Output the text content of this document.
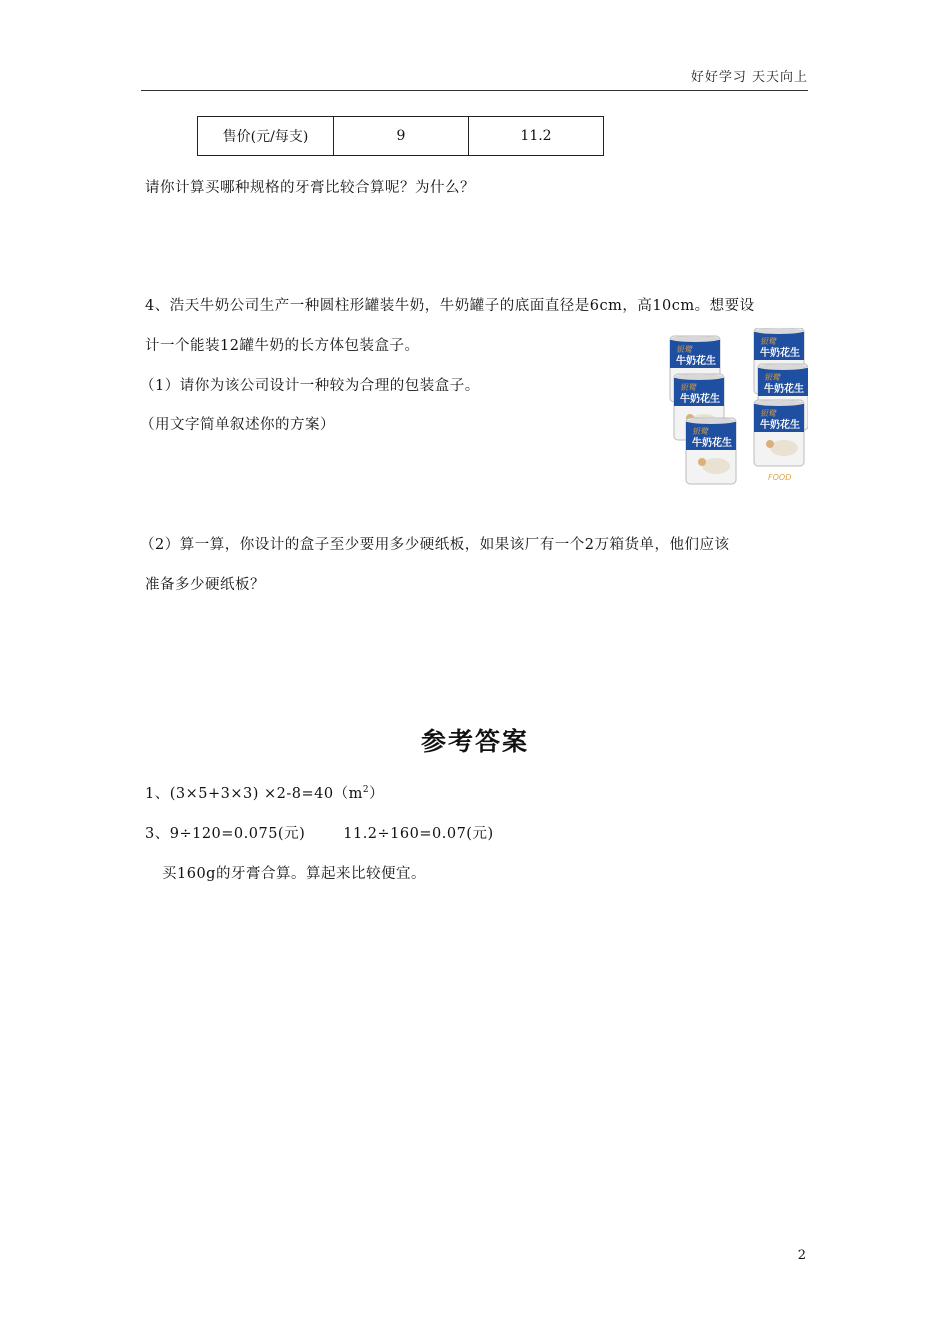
好好学习 天天向上
售价(元/每支)	9	11.2
请你计算买哪种规格的牙膏比较合算呢？为什么？
4、浩天牛奶公司生产一种圆柱形罐装牛奶，牛奶罐子的底面直径是6cm，高10cm。想要设
计一个能装12罐牛奶的长方体包装盒子。
（1）请你为该公司设计一种较为合理的包装盒子。
（用文字简单叙述你的方案）
FOOD
（2）算一算，你设计的盒子至少要用多少硬纸板，如果该厂有一个2万箱货单，他们应该
准备多少硬纸板？
参考答案
1、$(3\times 5+3\times 3) \times 2-8=40(m^2)$
3、9÷120=0.075(元)	11.2÷160=0.07(元)
买160g的牙膏合算。算起来比较便宜。
2
